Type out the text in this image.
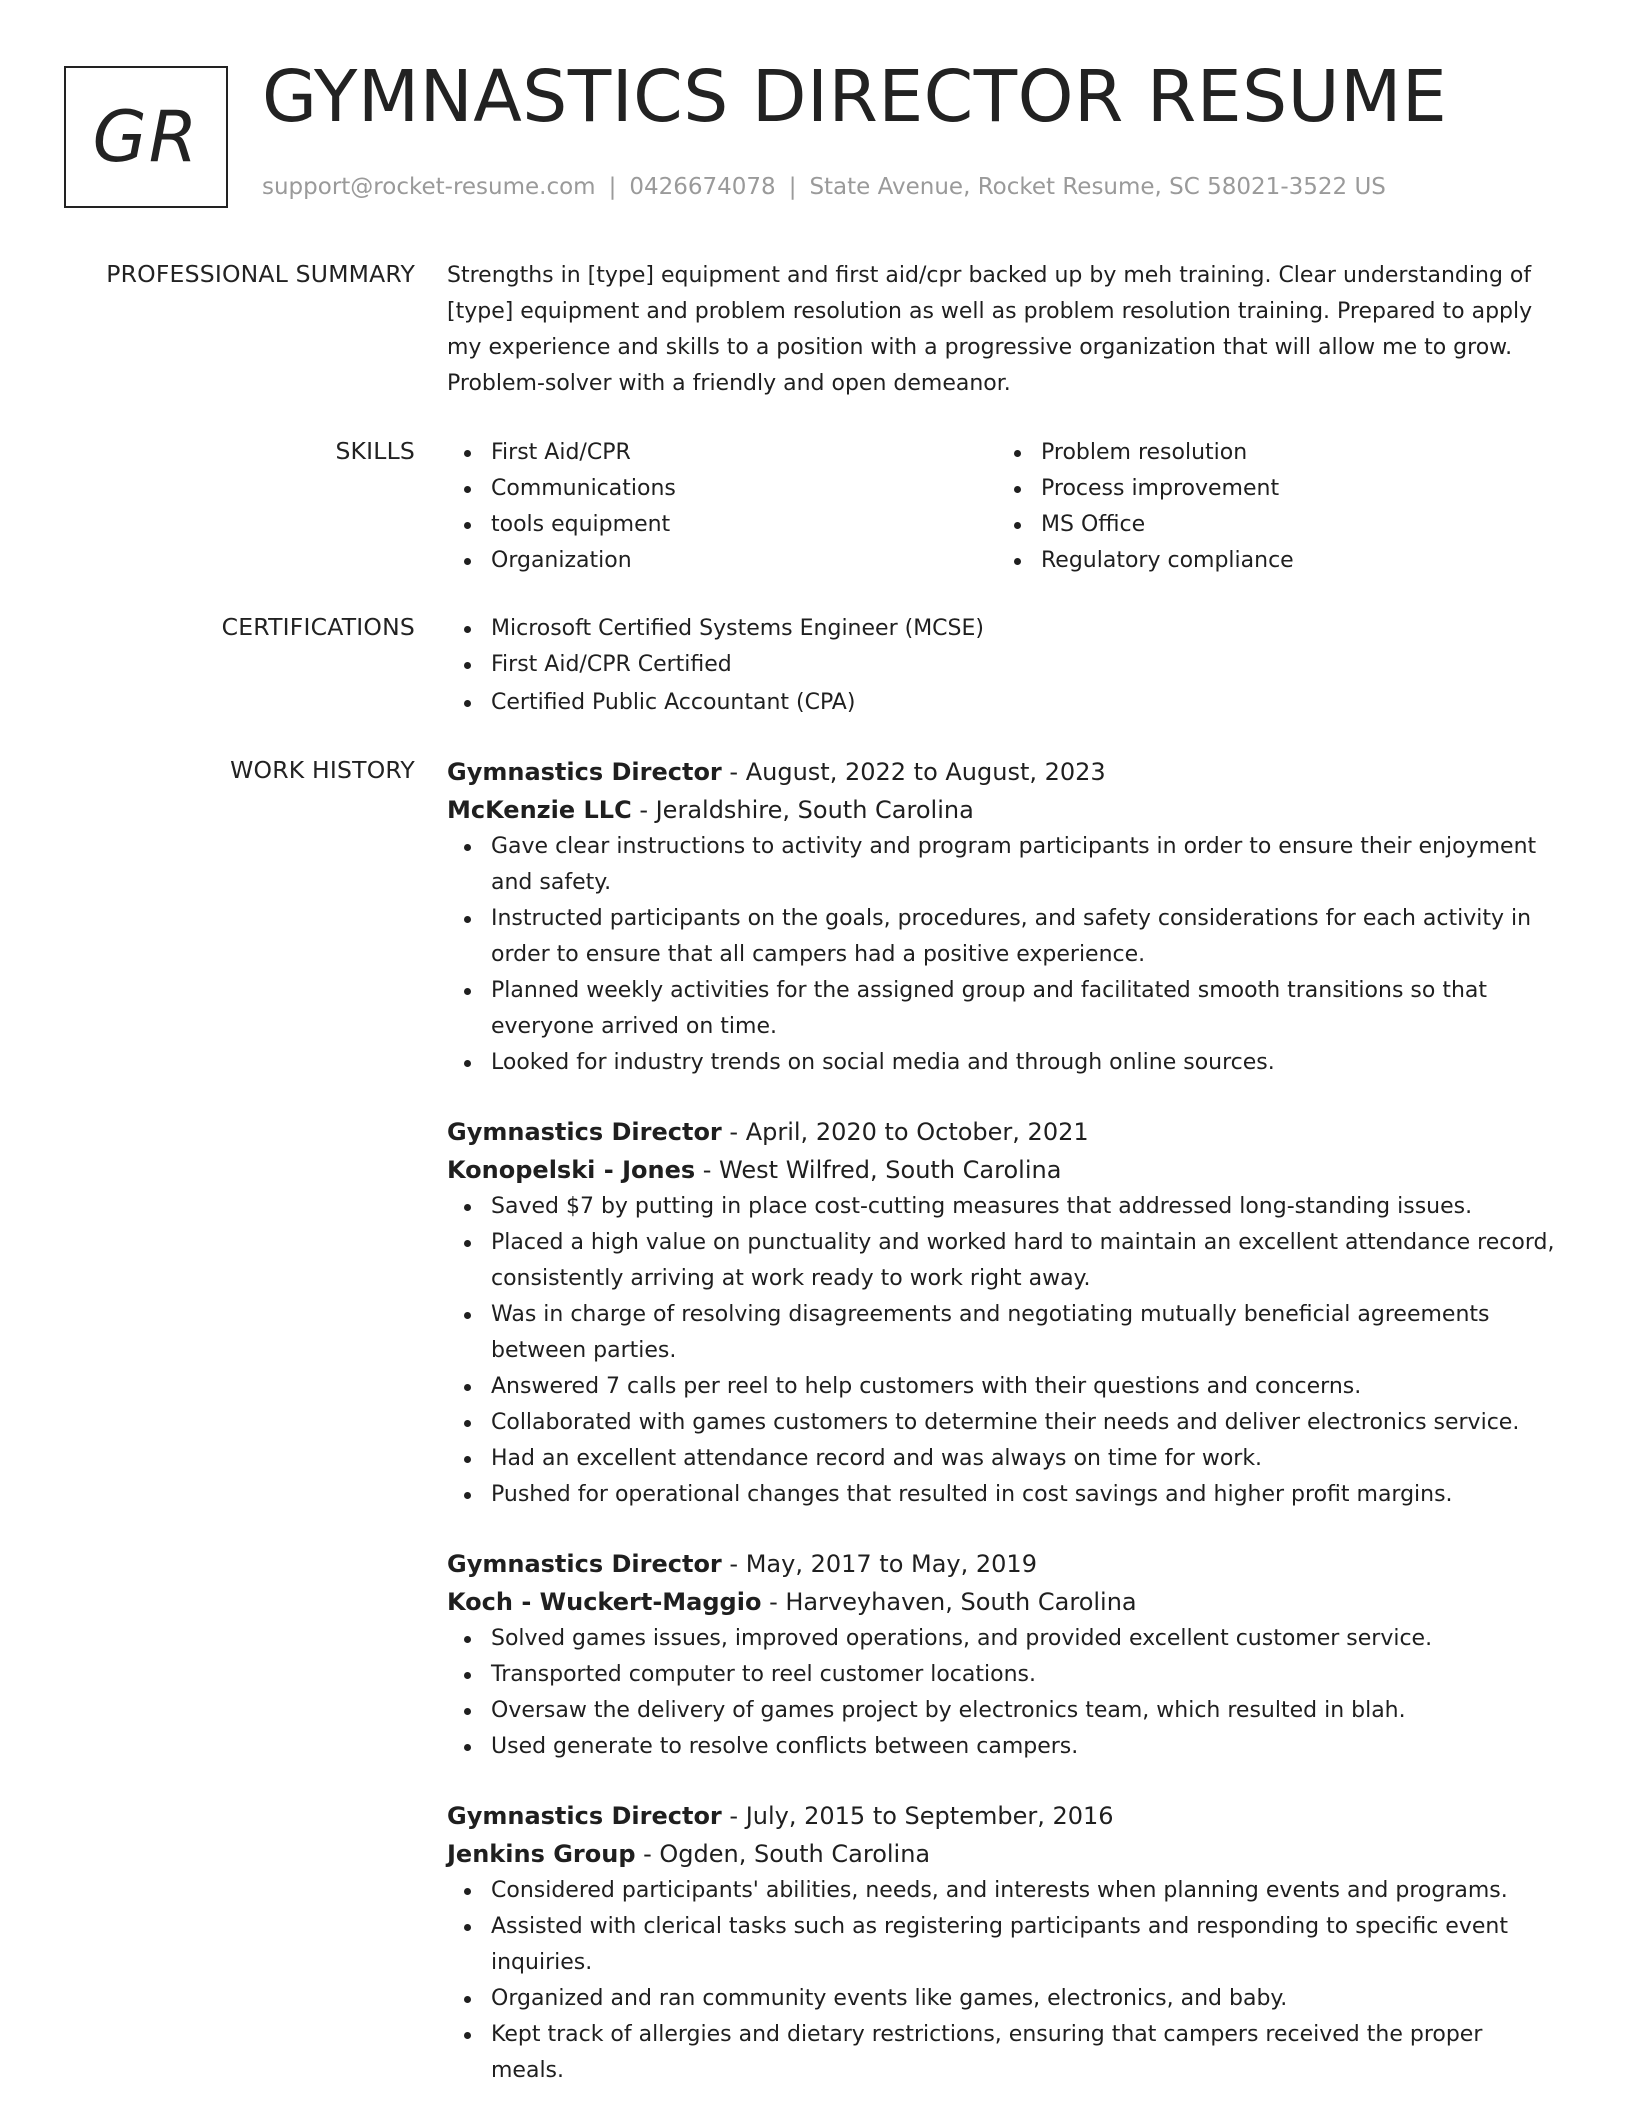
GR GYMNASTICS DIRECTOR RESUME
support@rocket-resume.com | 0426674078 | State Avenue, Rocket Resume, SC 58021-3522 US
PROFESSIONAL SUMMARY Strengths in [type] equipment and first aid/cpr backed up by meh training. Clear understanding of [type] equipment and problem resolution as well as problem resolution training. Prepared to apply my experience and skills to a position with a progressive organization that will allow me to grow. Problem-solver with a friendly and open demeanor.

SKILLS	First Aid/CPR
Communications
tools equipment
Organization
Problem resolution
Process improvement
MS Office
Regulatory compliance
CERTIFICATIONS	Microsoft Certified Systems Engineer (MCSE)
First Aid/CPR Certified
Certified Public Accountant (CPA)
WORK HISTORY Gymnastics Director - August, 2022 to August, 2023
McKenzie LLC - Jeraldshire, South Carolina
Gave clear instructions to activity and program participants in order to ensure their enjoyment and safety.
Instructed participants on the goals, procedures, and safety considerations for each activity in order to ensure that all campers had a positive experience.
Planned weekly activities for the assigned group and facilitated smooth transitions so that everyone arrived on time.
Looked for industry trends on social media and through online sources.
Gymnastics Director - April, 2020 to October, 2021
Konopelski - Jones - West Wilfred, South Carolina
Saved $7 by putting in place cost-cutting measures that addressed long-standing issues.
Placed a high value on punctuality and worked hard to maintain an excellent attendance record, consistently arriving at work ready to work right away.
Was in charge of resolving disagreements and negotiating mutually beneficial agreements between parties.
Answered 7 calls per reel to help customers with their questions and concerns.
Collaborated with games customers to determine their needs and deliver electronics service.
Had an excellent attendance record and was always on time for work.
Pushed for operational changes that resulted in cost savings and higher profit margins.
Gymnastics Director - May, 2017 to May, 2019
Koch - Wuckert-Maggio - Harveyhaven, South Carolina
Solved games issues, improved operations, and provided excellent customer service.
Transported computer to reel customer locations.
Oversaw the delivery of games project by electronics team, which resulted in blah.
Used generate to resolve conflicts between campers.
Gymnastics Director - July, 2015 to September, 2016
Jenkins Group - Ogden, South Carolina
Considered participants' abilities, needs, and interests when planning events and programs.
Assisted with clerical tasks such as registering participants and responding to specific event inquiries.
Organized and ran community events like games, electronics, and baby.
Kept track of allergies and dietary restrictions, ensuring that campers received the proper meals.
